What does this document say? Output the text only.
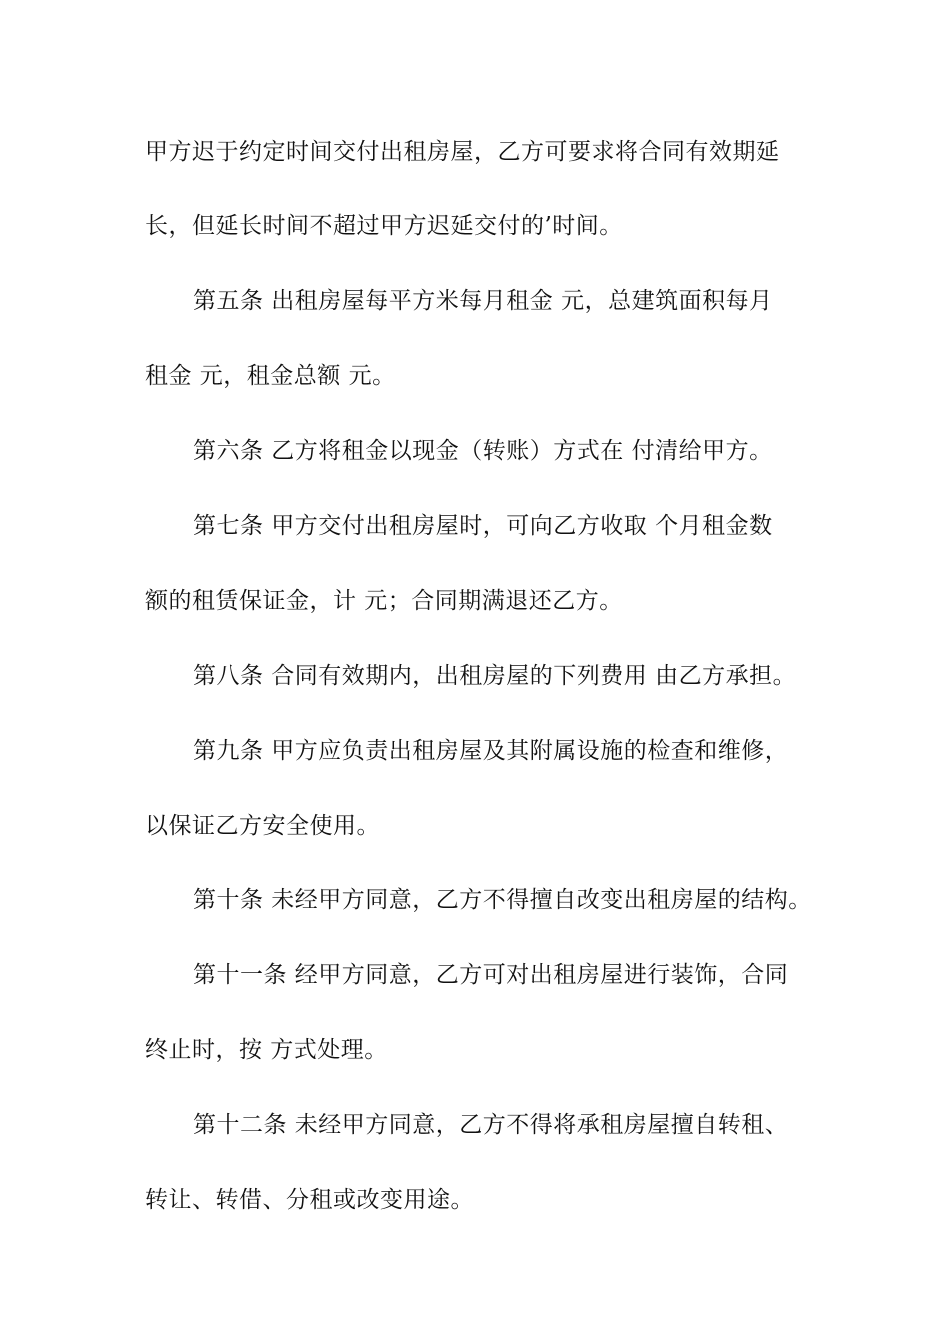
甲方迟于约定时间交付出租房屋，乙方可要求将合同有效期延
长，但延长时间不超过甲方迟延交付的’时间。
第五条 出租房屋每平方米每月租金 元，总建筑面积每月
租金 元，租金总额 元。
第六条 乙方将租金以现金（转账）方式在 付清给甲方。
第七条 甲方交付出租房屋时，可向乙方收取 个月租金数
额的租赁保证金，计 元；合同期满退还乙方。
第八条 合同有效期内，出租房屋的下列费用 由乙方承担。
第九条 甲方应负责出租房屋及其附属设施的检查和维修，
以保证乙方安全使用。
第十条 未经甲方同意，乙方不得擅自改变出租房屋的结构。
第十一条 经甲方同意，乙方可对出租房屋进行装饰，合同
终止时，按 方式处理。
第十二条 未经甲方同意，乙方不得将承租房屋擅自转租、
转让、转借、分租或改变用途。
